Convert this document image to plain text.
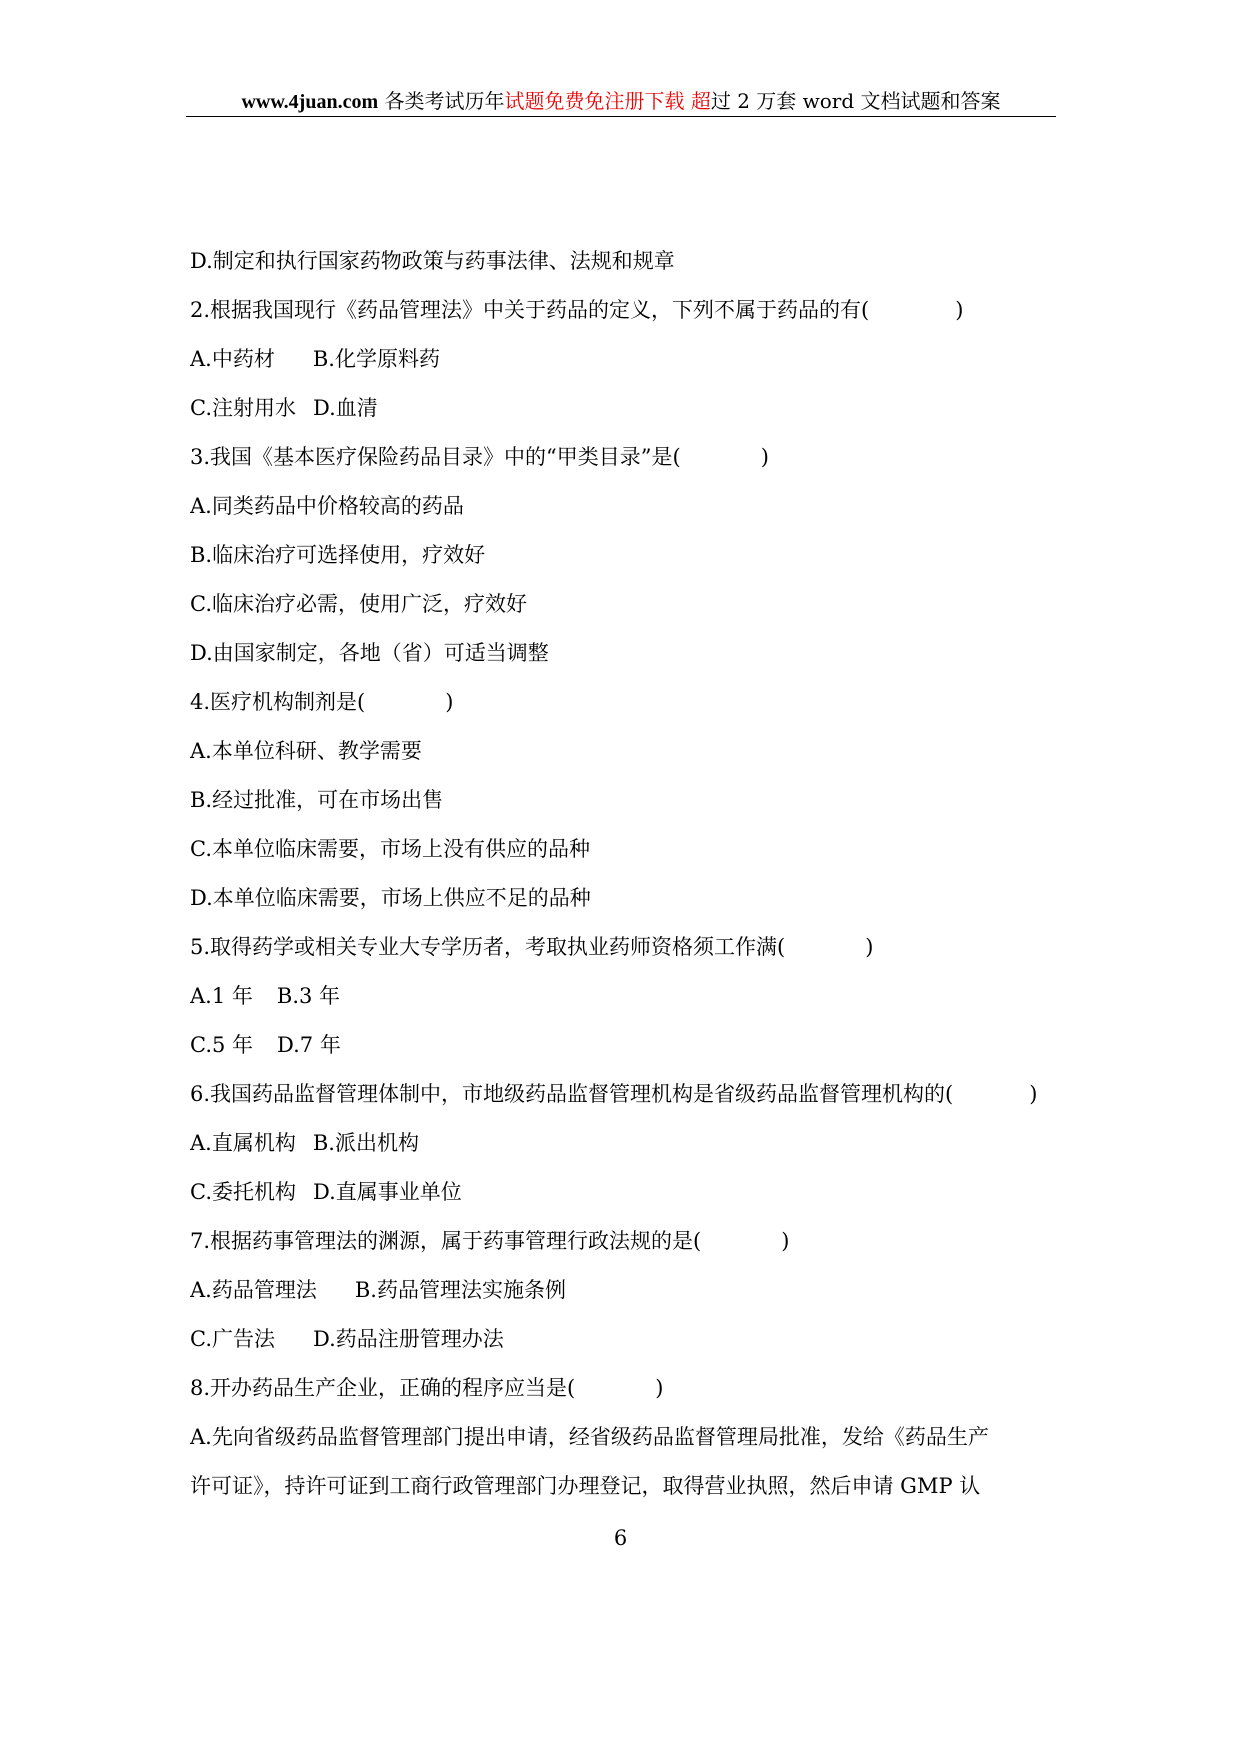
www.4juan.com 各类考试历年试题免费免注册下载 超过 2 万套 word 文档试题和答案
D.制定和执行国家药物政策与药事法律、法规和规章
2.根据我国现行《药品管理法》中关于药品的定义，下列不属于药品的有(	)
A.中药材 B.化学原料药
C.注射用水 D.血清
3.我国《基本医疗保险药品目录》中的“甲类目录”是(	)
A.同类药品中价格较高的药品
B.临床治疗可选择使用，疗效好
C.临床治疗必需，使用广泛，疗效好
D.由国家制定，各地（省）可适当调整
4.医疗机构制剂是(	)
A.本单位科研、教学需要
B.经过批准，可在市场出售
C.本单位临床需要，市场上没有供应的品种
D.本单位临床需要，市场上供应不足的品种
5.取得药学或相关专业大专学历者，考取执业药师资格须工作满(	)
A.1 年 B.3 年
C.5 年 D.7 年
6.我国药品监督管理体制中，市地级药品监督管理机构是省级药品监督管理机构的(	)
A.直属机构 B.派出机构
C.委托机构 D.直属事业单位
7.根据药事管理法的渊源，属于药事管理行政法规的是(	)
A.药品管理法 B.药品管理法实施条例
C.广告法 D.药品注册管理办法
8.开办药品生产企业，正确的程序应当是(	)
A.先向省级药品监督管理部门提出申请，经省级药品监督管理局批准，发给《药品生产
许可证》，持许可证到工商行政管理部门办理登记，取得营业执照，然后申请 GMP 认
6
